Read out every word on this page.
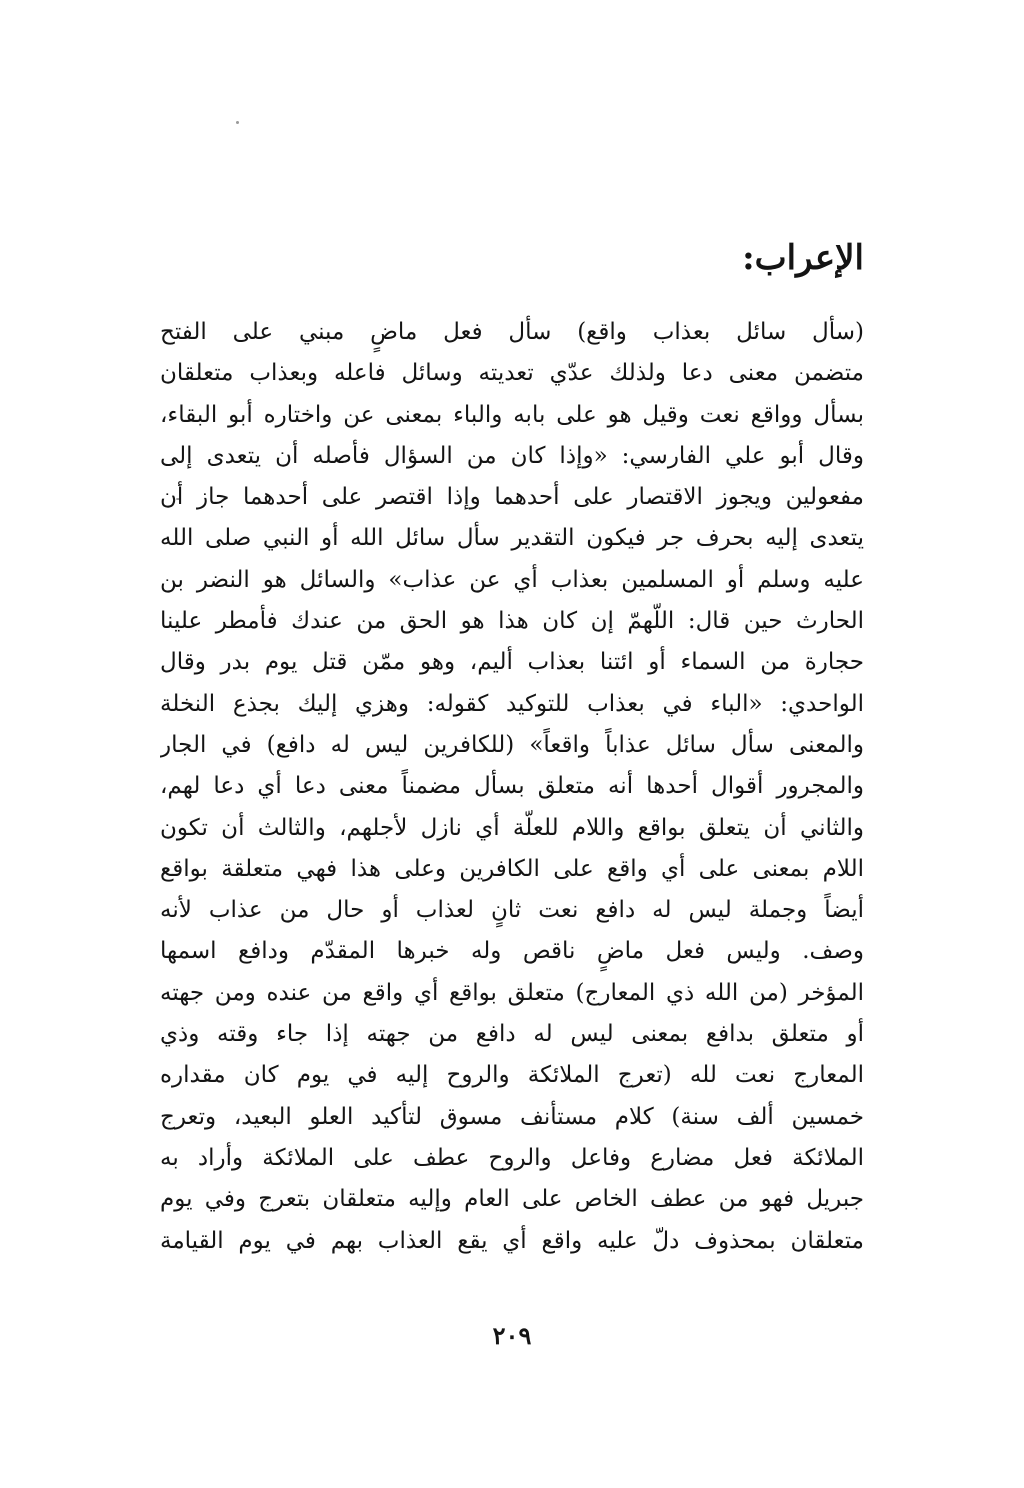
الإعراب:
(سأل سائل بعذاب واقع) سأل فعل ماضٍ مبني على الفتح
متضمن معنى دعا ولذلك عدّي تعديته وسائل فاعله وبعذاب متعلقان
بسأل وواقع نعت وقيل هو على بابه والباء بمعنى عن واختاره أبو البقاء،
وقال أبو علي الفارسي: «وإذا كان من السؤال فأصله أن يتعدى إلى
مفعولين ويجوز الاقتصار على أحدهما وإذا اقتصر على أحدهما جاز أن
يتعدى إليه بحرف جر فيكون التقدير سأل سائل الله أو النبي صلى الله
عليه وسلم أو المسلمين بعذاب أي عن عذاب» والسائل هو النضر بن
الحارث حين قال: اللّهمّ إن كان هذا هو الحق من عندك فأمطر علينا
حجارة من السماء أو ائتنا بعذاب أليم، وهو ممّن قتل يوم بدر وقال
الواحدي: «الباء في بعذاب للتوكيد كقوله: وهزي إليك بجذع النخلة
والمعنى سأل سائل عذاباً واقعاً» (للكافرين ليس له دافع) في الجار
والمجرور أقوال أحدها أنه متعلق بسأل مضمناً معنى دعا أي دعا لهم،
والثاني أن يتعلق بواقع واللام للعلّة أي نازل لأجلهم، والثالث أن تكون
اللام بمعنى على أي واقع على الكافرين وعلى هذا فهي متعلقة بواقع
أيضاً وجملة ليس له دافع نعت ثانٍ لعذاب أو حال من عذاب لأنه
وصف. وليس فعل ماضٍ ناقص وله خبرها المقدّم ودافع اسمها
المؤخر (من الله ذي المعارج) متعلق بواقع أي واقع من عنده ومن جهته
أو متعلق بدافع بمعنى ليس له دافع من جهته إذا جاء وقته وذي
المعارج نعت لله (تعرج الملائكة والروح إليه في يوم كان مقداره
خمسين ألف سنة) كلام مستأنف مسوق لتأكيد العلو البعيد، وتعرج
الملائكة فعل مضارع وفاعل والروح عطف على الملائكة وأراد به
جبريل فهو من عطف الخاص على العام وإليه متعلقان بتعرج وفي يوم
متعلقان بمحذوف دلّ عليه واقع أي يقع العذاب بهم في يوم القيامة
٢٠٩
